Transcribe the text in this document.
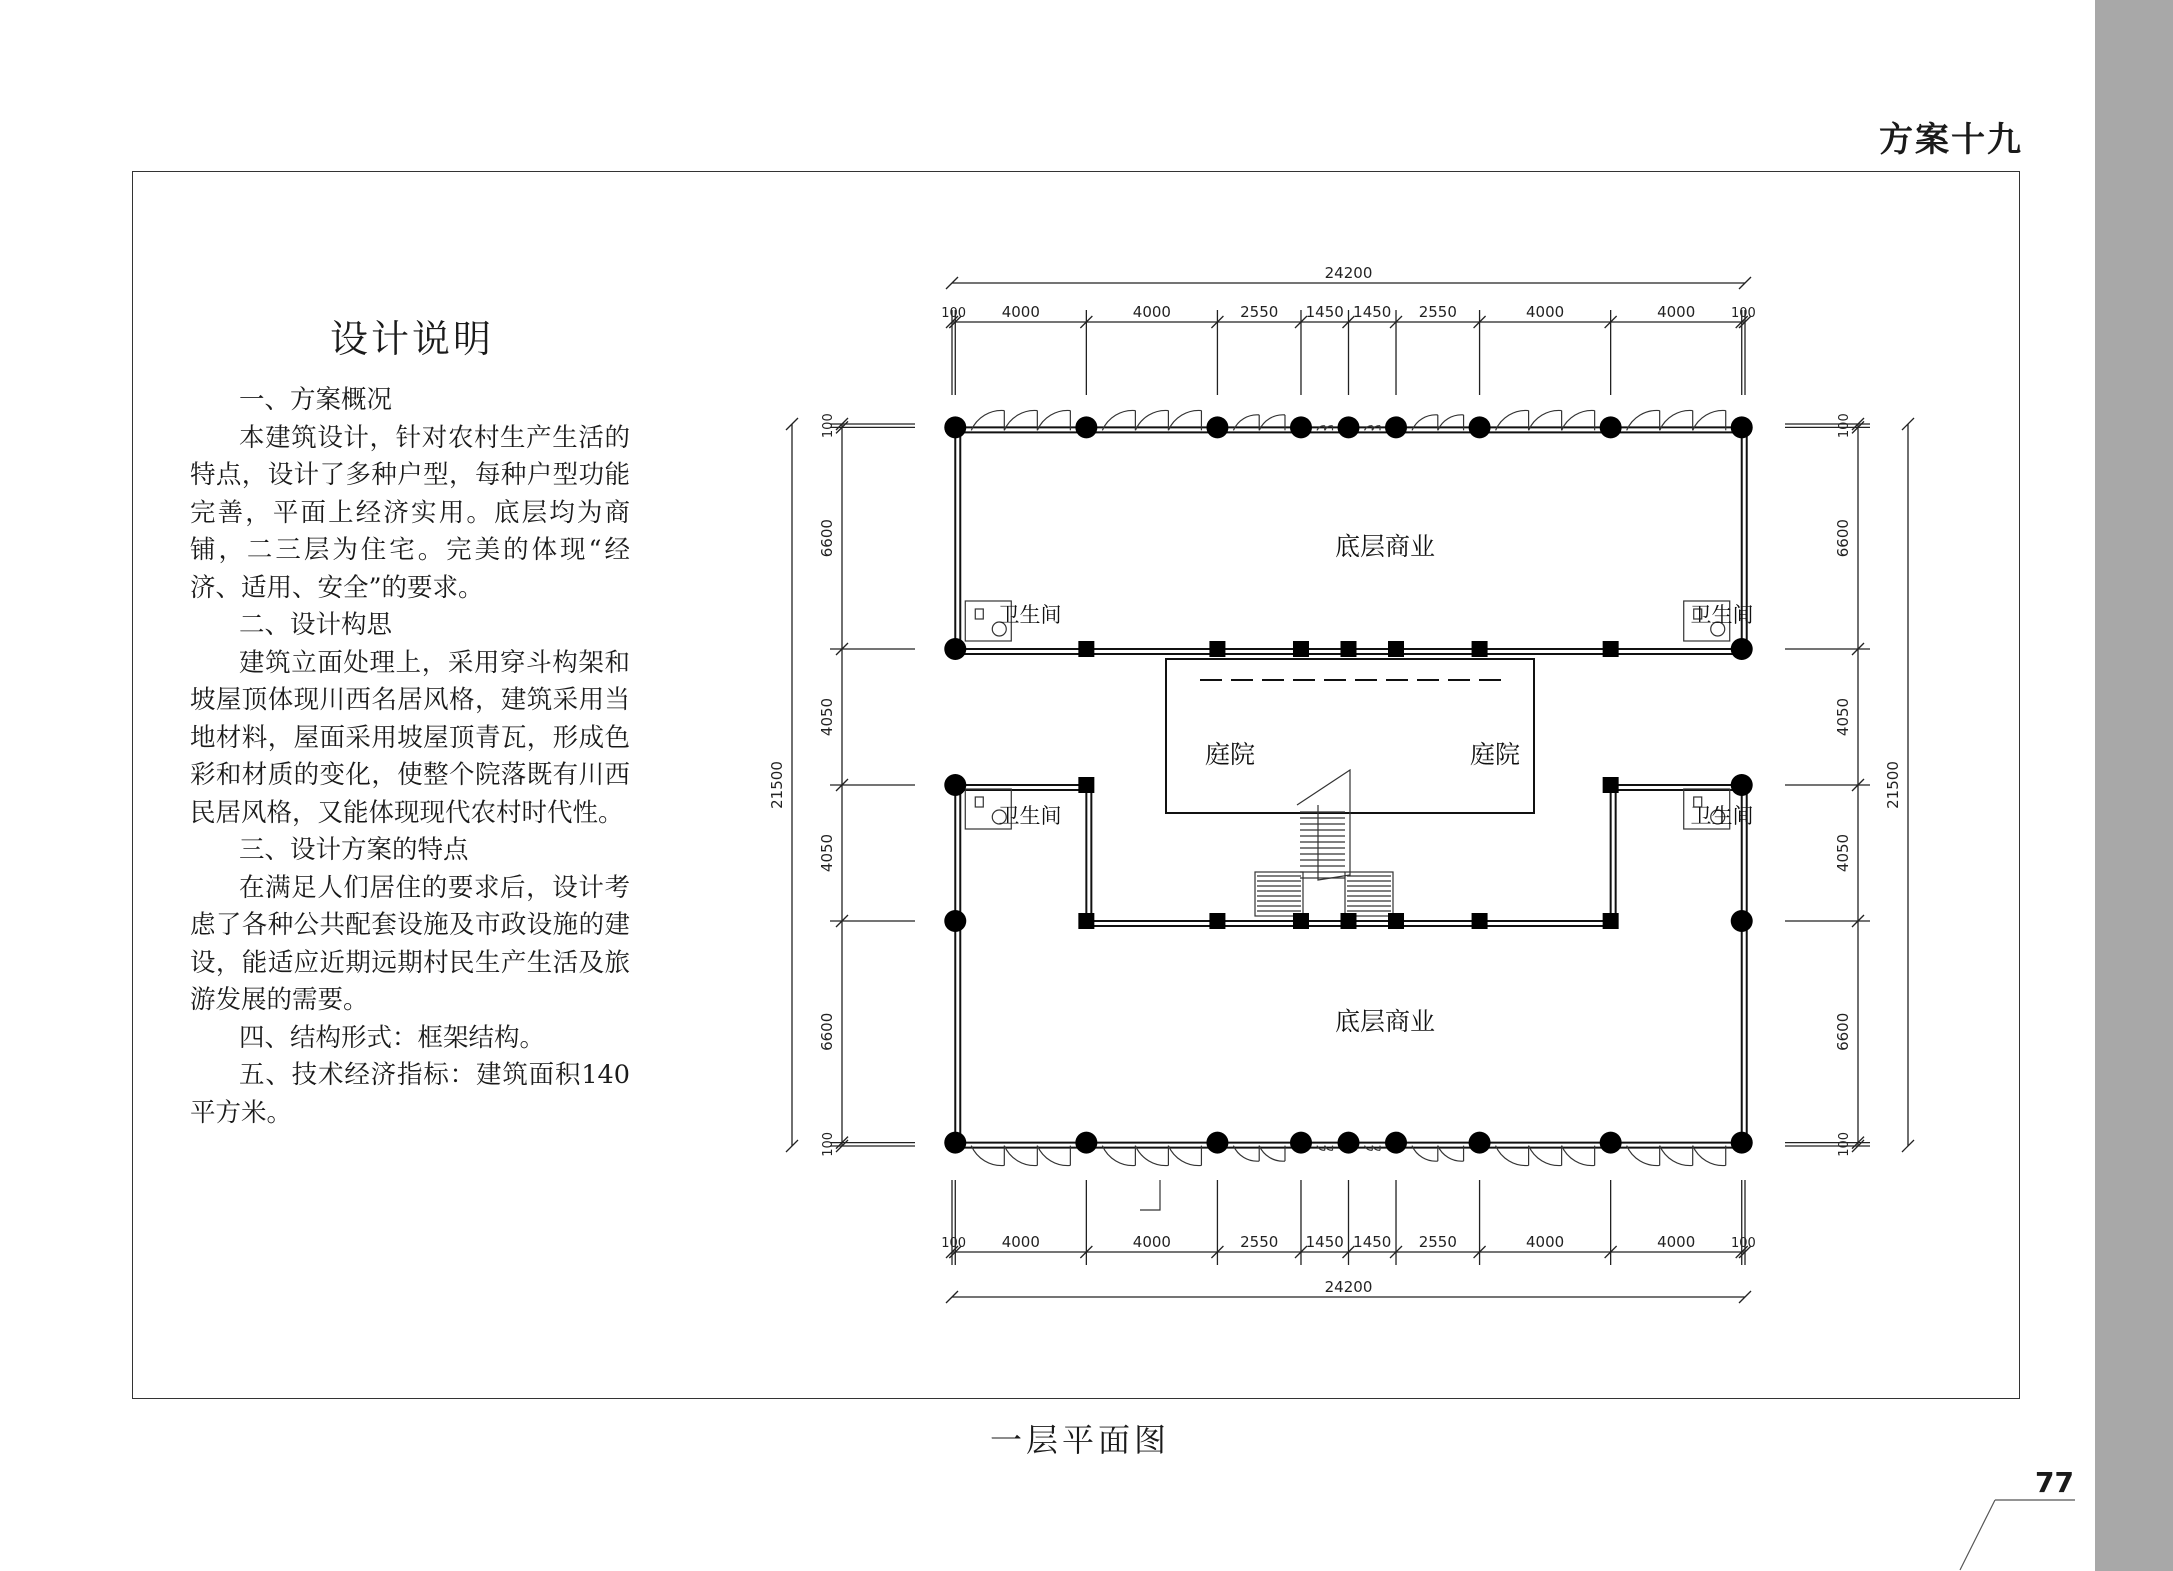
方案十九
设计说明

一、方案概况

本建筑设计，针对农村生产生活的特点，设计了多种户型，每种户型功能完善，平面上经济实用。底层均为商铺，二三层为住宅。完美的体现“经济、适用、安全”的要求。

二、设计构思

建筑立面处理上，采用穿斗构架和坡屋顶体现川西名居风格，建筑采用当地材料，屋面采用坡屋顶青瓦，形成色彩和材质的变化，使整个院落既有川西民居风格，又能体现现代农村时代性。

三、设计方案的特点

在满足人们居住的要求后，设计考虑了各种公共配套设施及市政设施的建设，能适应近期远期村民生产生活及旅游发展的需要。

四、结构形式：框架结构。

五、技术经济指标：建筑面积140平方米。

100 4000	4000	2550 1450 1450 2550	4000	4000	100
24200
100 4000	4000	2550 1450 1450 2550	4000	4000	100
24200
100
6600
4050
4050
6600
100
21500
100
6600
4050
4050
6600
100
21500
底层商业
底层商业
庭院	庭院
卫生间	卫生间
卫生间	卫生间
一层平面图
77
